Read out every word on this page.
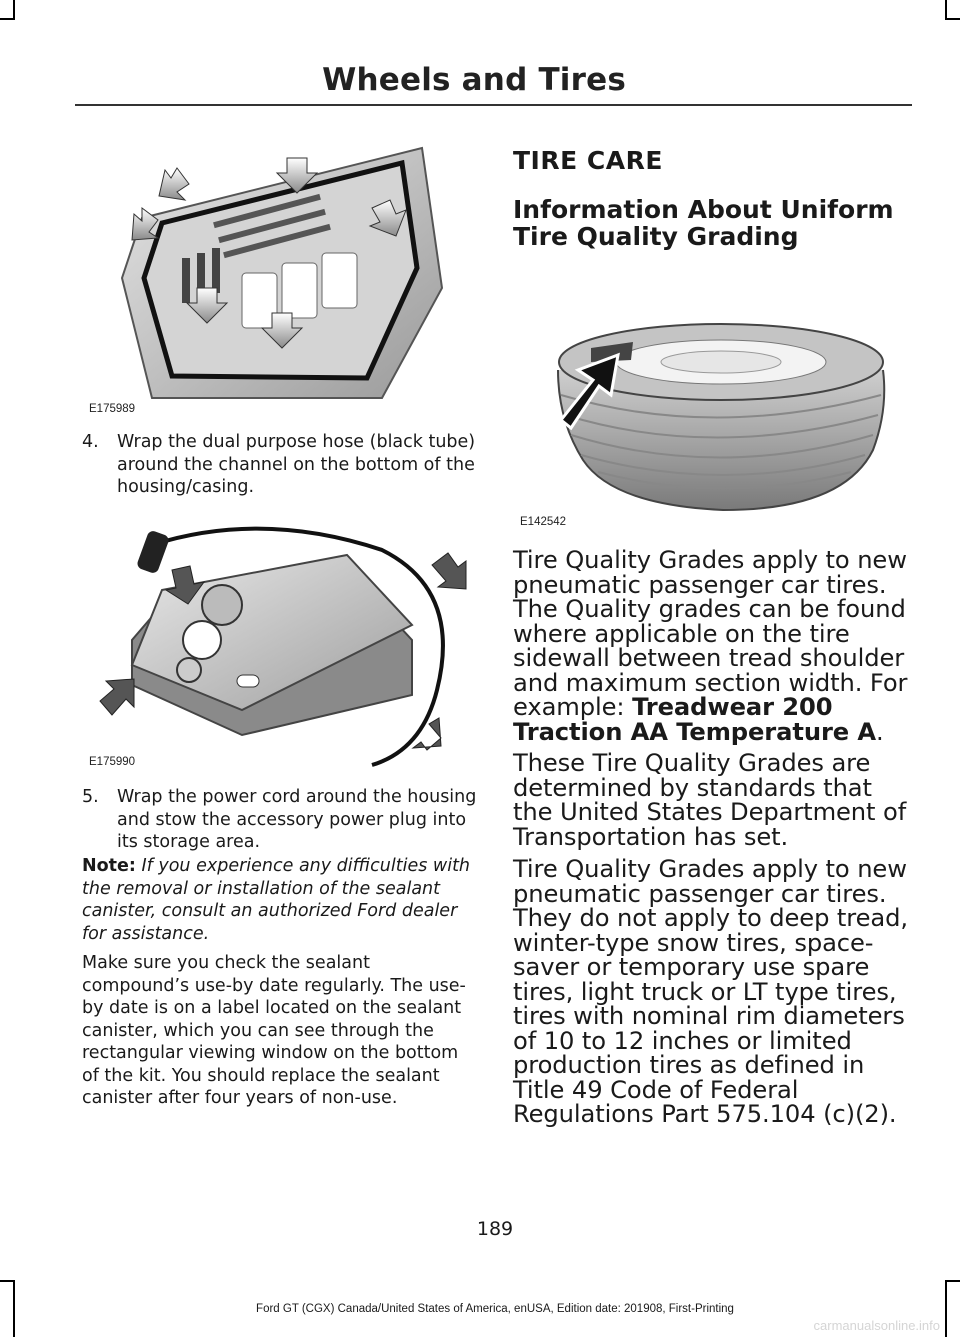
Wheels and Tires
E175989
4. Wrap the dual purpose hose (black tube) around the channel on the bottom of the housing/casing.
E175990
5. Wrap the power cord around the housing and stow the accessory power plug into its storage area.
Note: If you experience any difficulties with the removal or installation of the sealant canister, consult an authorized Ford dealer for assistance.
Make sure you check the sealant compound’s use-by date regularly. The use-by date is on a label located on the sealant canister, which you can see through the rectangular viewing window on the bottom of the kit. You should replace the sealant canister after four years of non-use.
TIRE CARE
Information About Uniform Tire Quality Grading
E142542
Tire Quality Grades apply to new pneumatic passenger car tires. The Quality grades can be found where applicable on the tire sidewall between tread shoulder and maximum section width. For example: Treadwear 200 Traction AA Temperature A.
These Tire Quality Grades are determined by standards that the United States Department of Transportation has set.
Tire Quality Grades apply to new pneumatic passenger car tires. They do not apply to deep tread, winter-type snow tires, space-saver or temporary use spare tires, light truck or LT type tires, tires with nominal rim diameters of 10 to 12 inches or limited production tires as defined in Title 49 Code of Federal Regulations Part 575.104 (c)(2).
189
Ford GT (CGX) Canada/United States of America, enUSA, Edition date: 201908, First-Printing
carmanualsonline.info
